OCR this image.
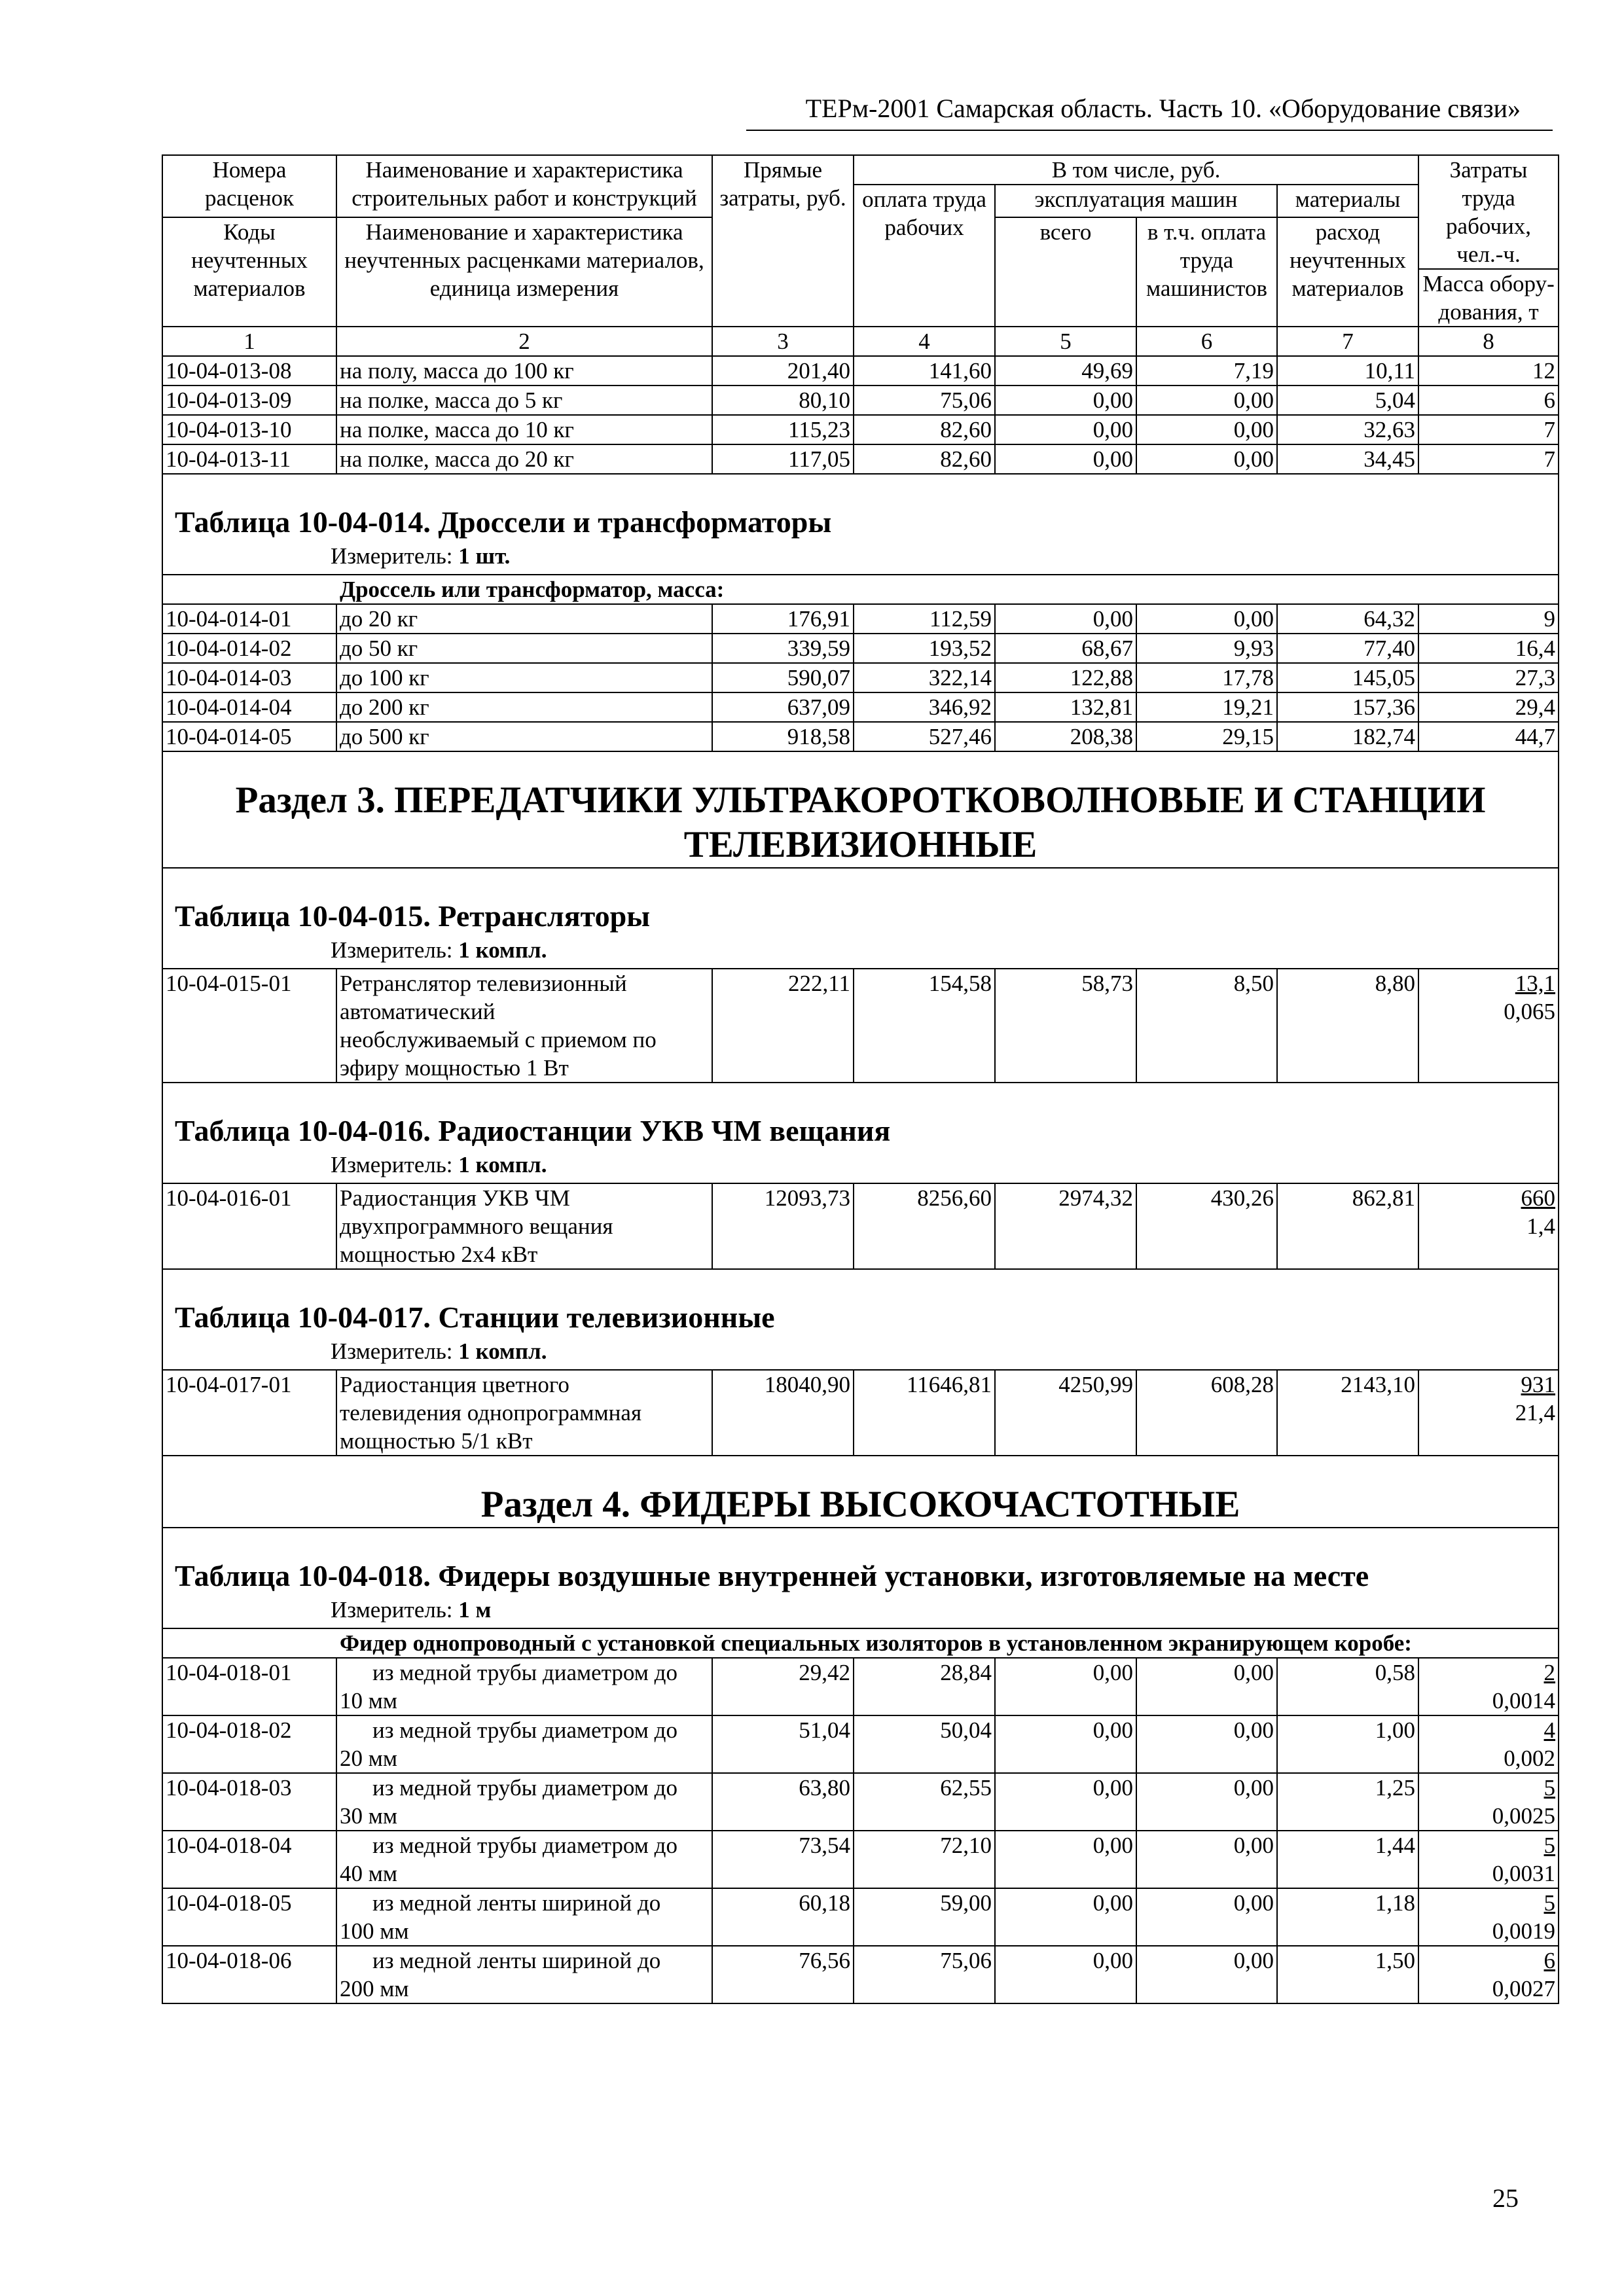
ТЕРм-2001 Самарская область. Часть 10. «Оборудование связи»
Номера расценок	Наименование и характеристика строительных работ и конструкций	Прямые затраты, руб.	В том числе, руб.				Затраты труда рабочих, чел.-ч.
			оплата труда рабочих	эксплуатация машин		материалы	
Коды неучтенных материалов	Наименование и характеристика неучтенных расценками материалов, единица измерения			всего	в т.ч. оплата труда машинистов	расход неучтенных материалов	
							Масса обору-дования, т
1	2	3	4	5	6	7	8
10-04-013-08	на полу, масса до 100 кг	201,40	141,60	49,69	7,19	10,11	12
10-04-013-09	на полке, масса до 5 кг	80,10	75,06	0,00	0,00	5,04	6
10-04-013-10	на полке, масса до 10 кг	115,23	82,60	0,00	0,00	32,63	7
10-04-013-11	на полке, масса до 20 кг	117,05	82,60	0,00	0,00	34,45	7

Таблица 10-04-014. Дроссели и трансформаторы
Измеритель: 1 шт.							

Дроссель или трансформатор, масса:							
10-04-014-01	до 20 кг	176,91	112,59	0,00	0,00	64,32	9
10-04-014-02	до 50 кг	339,59	193,52	68,67	9,93	77,40	16,4
10-04-014-03	до 100 кг	590,07	322,14	122,88	17,78	145,05	27,3
10-04-014-04	до 200 кг	637,09	346,92	132,81	19,21	157,36	29,4
10-04-014-05	до 500 кг	918,58	527,46	208,38	29,15	182,74	44,7
Раздел 3. ПЕРЕДАТЧИКИ УЛЬТРАКОРОТКОВОЛНОВЫЕ И СТАНЦИИ ТЕЛЕВИЗИОННЫЕ							

Таблица 10-04-015. Ретрансляторы
Измеритель: 1 компл.							

10-04-015-01	Ретранслятор телевизионный
автоматический
необслуживаемый с приемом по
эфиру мощностью 1 Вт	222,11	154,58	58,73	8,50	8,80	13,1
0,065

Таблица 10-04-016. Радиостанции УКВ ЧМ вещания
Измеритель: 1 компл.							

10-04-016-01	Радиостанция УКВ ЧМ
двухпрограммного вещания
мощностью 2х4 кВт	12093,73	8256,60	2974,32	430,26	862,81	660
1,4

Таблица 10-04-017. Станции телевизионные
Измеритель: 1 компл.							

10-04-017-01	Радиостанция цветного
телевидения однопрограммная
мощностью 5/1 кВт	18040,90	11646,81	4250,99	608,28	2143,10	931
21,4

Раздел 4. ФИДЕРЫ ВЫСОКОЧАСТОТНЫЕ							

Таблица 10-04-018. Фидеры воздушные внутренней установки, изготовляемые на месте
Измеритель: 1 м							

Фидер однопроводный с установкой специальных изоляторов в установленном экранирующем коробе:							
10-04-018-01	из медной трубы диаметром до
10 мм	29,42	28,84	0,00	0,00	0,58	2
0,0014

10-04-018-02	из медной трубы диаметром до
20 мм	51,04	50,04	0,00	0,00	1,00	4
0,002

10-04-018-03	из медной трубы диаметром до
30 мм	63,80	62,55	0,00	0,00	1,25	5
0,0025

10-04-018-04	из медной трубы диаметром до
40 мм	73,54	72,10	0,00	0,00	1,44	5
0,0031

10-04-018-05	из медной ленты шириной до
100 мм	60,18	59,00	0,00	0,00	1,18	5
0,0019

10-04-018-06	из медной ленты шириной до
200 мм	76,56	75,06	0,00	0,00	1,50	6
0,0027
25
